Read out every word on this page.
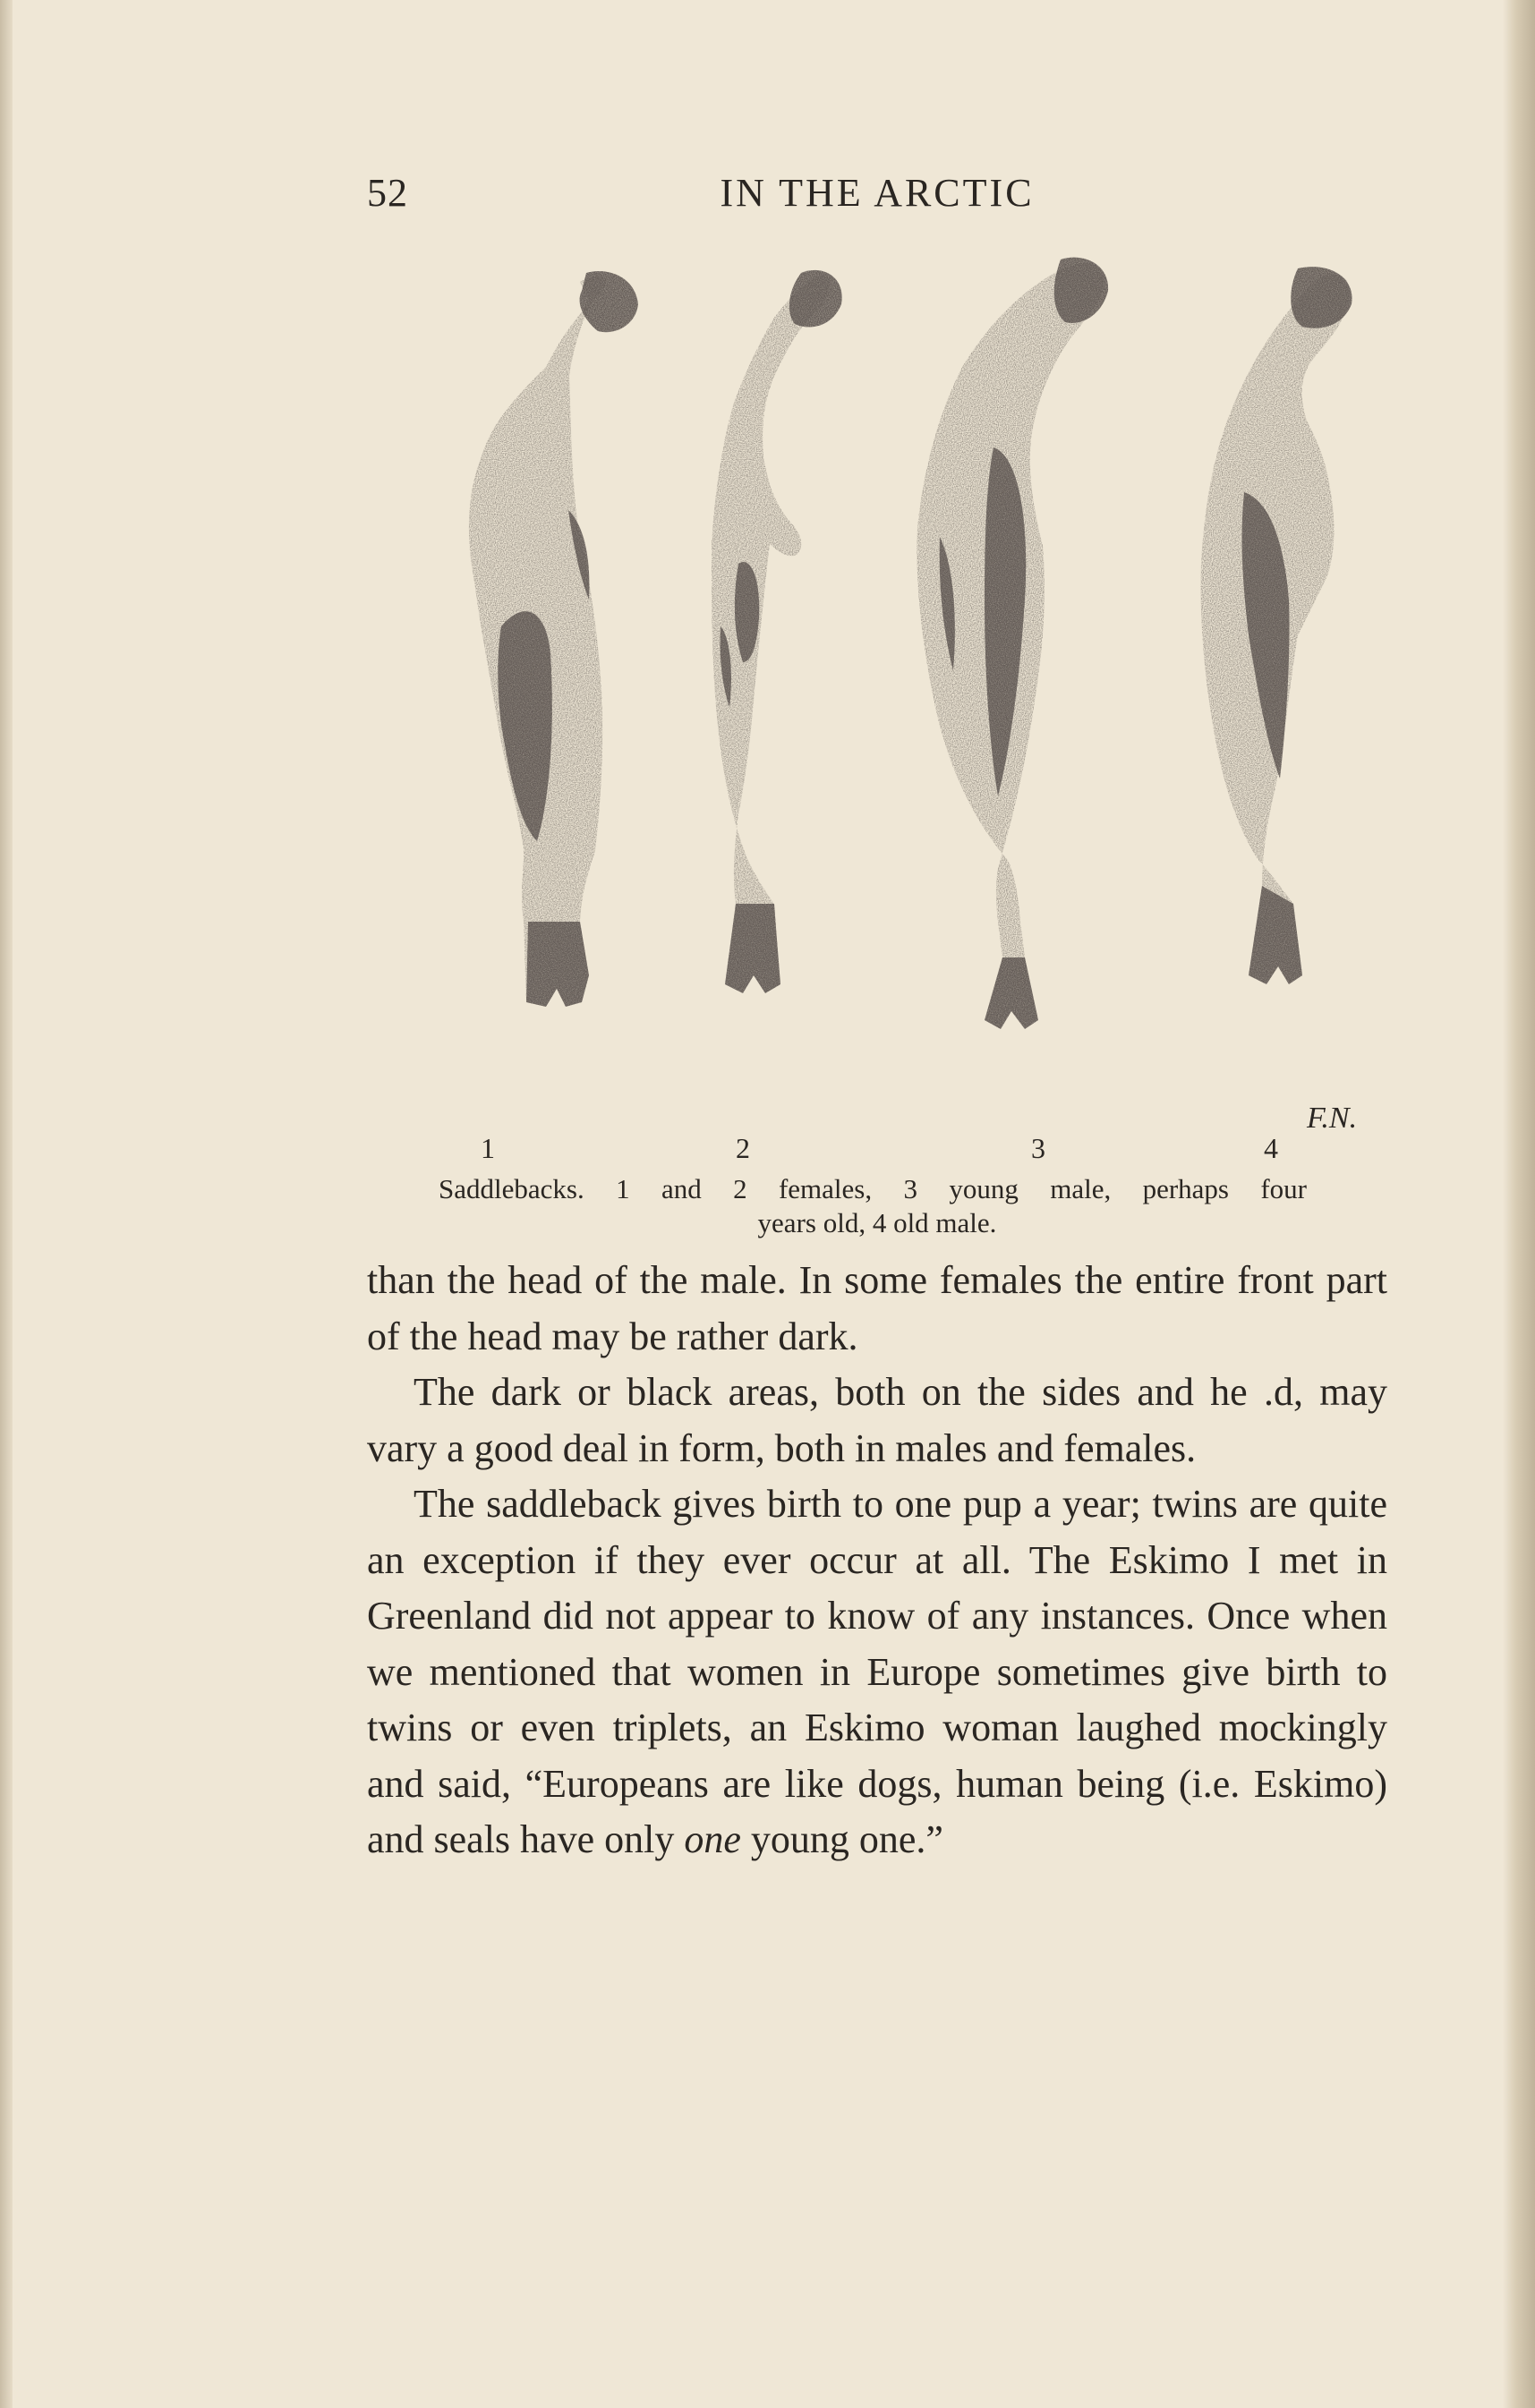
52	IN THE ARCTIC
F.N.
1	2	3	4
Saddlebacks. 1 and 2 females, 3 young male, perhaps four
years old, 4 old male.

than the head of the male. In some females the entire front part of the head may be rather dark.

The dark or black areas, both on the sides and he .d, may vary a good deal in form, both in males and females.

The saddleback gives birth to one pup a year; twins are quite an exception if they ever occur at all. The Eskimo I met in Greenland did not appear to know of any instances. Once when we mentioned that women in Europe sometimes give birth to twins or even triplets, an Eskimo woman laughed mockingly and said, “Europeans are like dogs, human being (i.e. Eskimo) and seals have only one young one.”
